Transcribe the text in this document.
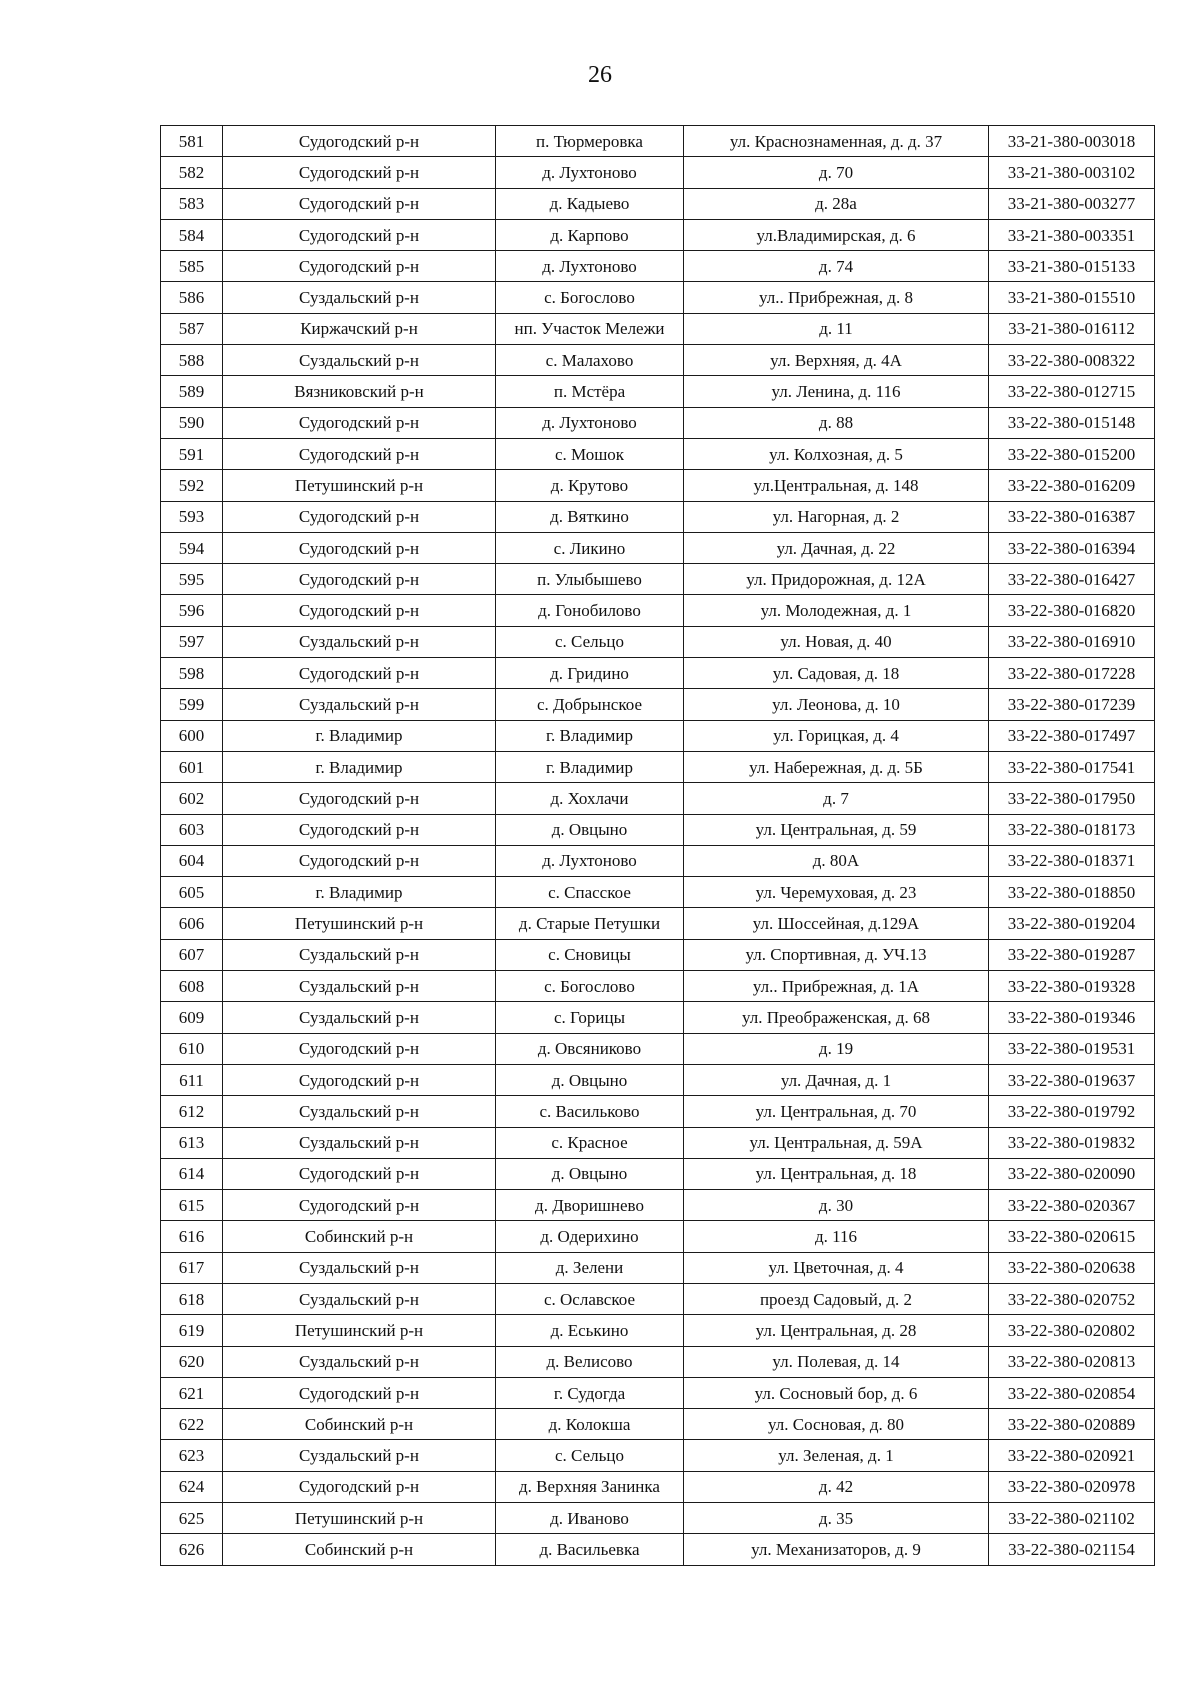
26
581	Судогодский р-н	п. Тюрмеровка	ул. Краснознаменная, д. д. 37	33-21-380-003018
582	Судогодский р-н	д. Лухтоново	д. 70	33-21-380-003102
583	Судогодский р-н	д. Кадыево	д. 28а	33-21-380-003277
584	Судогодский р-н	д. Карпово	ул.Владимирская, д. 6	33-21-380-003351
585	Судогодский р-н	д. Лухтоново	д. 74	33-21-380-015133
586	Суздальский р-н	с. Богослово	ул.. Прибрежная, д. 8	33-21-380-015510
587	Киржачский р-н	нп. Участок Мележи	д. 11	33-21-380-016112
588	Суздальский р-н	с. Малахово	ул. Верхняя, д. 4А	33-22-380-008322
589	Вязниковский р-н	п. Мстёра	ул. Ленина, д. 116	33-22-380-012715
590	Судогодский р-н	д. Лухтоново	д. 88	33-22-380-015148
591	Судогодский р-н	с. Мошок	ул. Колхозная, д. 5	33-22-380-015200
592	Петушинский р-н	д. Крутово	ул.Центральная, д. 148	33-22-380-016209
593	Судогодский р-н	д. Вяткино	ул. Нагорная, д. 2	33-22-380-016387
594	Судогодский р-н	с. Ликино	ул. Дачная, д. 22	33-22-380-016394
595	Судогодский р-н	п. Улыбышево	ул. Придорожная, д. 12А	33-22-380-016427
596	Судогодский р-н	д. Гонобилово	ул. Молодежная, д. 1	33-22-380-016820
597	Суздальский р-н	с. Сельцо	ул. Новая, д. 40	33-22-380-016910
598	Судогодский р-н	д. Гридино	ул. Садовая, д. 18	33-22-380-017228
599	Суздальский р-н	с. Добрынское	ул. Леонова, д. 10	33-22-380-017239
600	г. Владимир	г. Владимир	ул. Горицкая, д. 4	33-22-380-017497
601	г. Владимир	г. Владимир	ул. Набережная, д. д. 5Б	33-22-380-017541
602	Судогодский р-н	д. Хохлачи	д. 7	33-22-380-017950
603	Судогодский р-н	д. Овцыно	ул. Центральная, д. 59	33-22-380-018173
604	Судогодский р-н	д. Лухтоново	д. 80А	33-22-380-018371
605	г. Владимир	с. Спасское	ул. Черемуховая, д. 23	33-22-380-018850
606	Петушинский р-н	д. Старые Петушки	ул. Шоссейная, д.129А	33-22-380-019204
607	Суздальский р-н	с. Сновицы	ул. Спортивная, д. УЧ.13	33-22-380-019287
608	Суздальский р-н	с. Богослово	ул.. Прибрежная, д. 1А	33-22-380-019328
609	Суздальский р-н	с. Горицы	ул. Преображенская, д. 68	33-22-380-019346
610	Судогодский р-н	д. Овсяниково	д. 19	33-22-380-019531
611	Судогодский р-н	д. Овцыно	ул. Дачная, д. 1	33-22-380-019637
612	Суздальский р-н	с. Васильково	ул. Центральная, д. 70	33-22-380-019792
613	Суздальский р-н	с. Красное	ул. Центральная, д. 59А	33-22-380-019832
614	Судогодский р-н	д. Овцыно	ул. Центральная, д. 18	33-22-380-020090
615	Судогодский р-н	д. Дворишнево	д. 30	33-22-380-020367
616	Собинский р-н	д. Одерихино	д. 116	33-22-380-020615
617	Суздальский р-н	д. Зелени	ул. Цветочная, д. 4	33-22-380-020638
618	Суздальский р-н	с. Ославское	проезд Садовый, д. 2	33-22-380-020752
619	Петушинский р-н	д. Еськино	ул. Центральная, д. 28	33-22-380-020802
620	Суздальский р-н	д. Велисово	ул. Полевая, д. 14	33-22-380-020813
621	Судогодский р-н	г. Судогда	ул. Сосновый бор, д. 6	33-22-380-020854
622	Собинский р-н	д. Колокша	ул. Сосновая, д. 80	33-22-380-020889
623	Суздальский р-н	с. Сельцо	ул. Зеленая, д. 1	33-22-380-020921
624	Судогодский р-н	д. Верхняя Занинка	д. 42	33-22-380-020978
625	Петушинский р-н	д. Иваново	д. 35	33-22-380-021102
626	Собинский р-н	д. Васильевка	ул. Механизаторов, д. 9	33-22-380-021154
